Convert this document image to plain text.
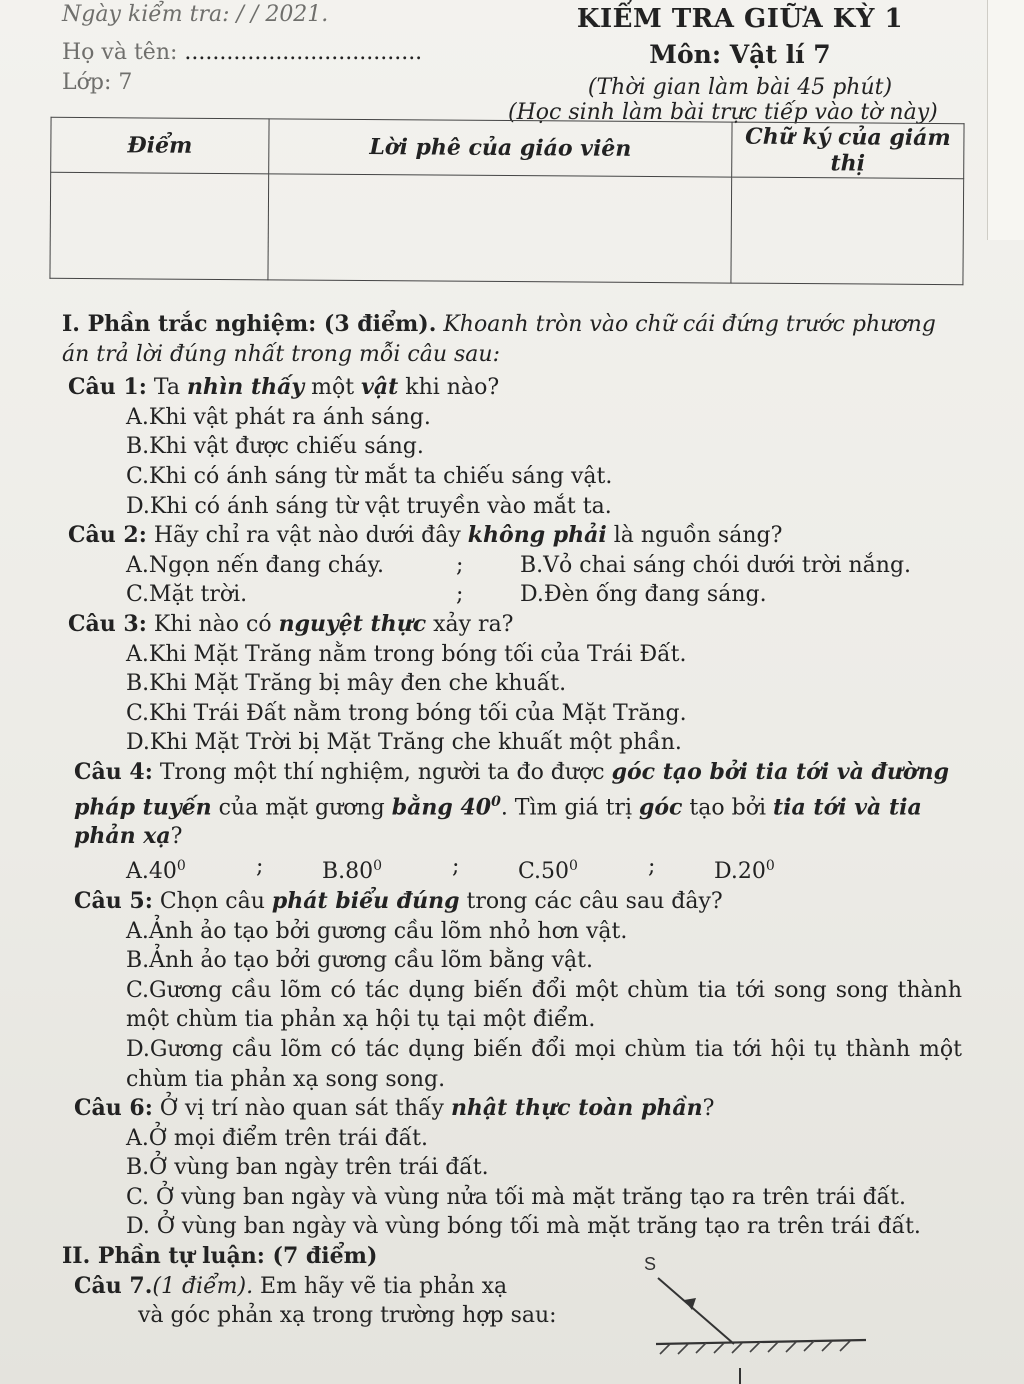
Ngày kiểm tra: / / 2021.
Họ và tên: ..................................
Lớp: 7
KIỂM TRA GIỮA KỲ 1
Môn: Vật lí 7
(Thời gian làm bài 45 phút)
(Học sinh làm bài trực tiếp vào tờ này)
Điểm	Lời phê của giáo viên	Chữ ký của giám thị

I. Phần trắc nghiệm: (3 điểm). Khoanh tròn vào chữ cái đứng trước phương án trả lời đúng nhất trong mỗi câu sau:
Câu 1: Ta nhìn thấy một vật khi nào?
A.Khi vật phát ra ánh sáng.
B.Khi vật được chiếu sáng.
C.Khi có ánh sáng từ mắt ta chiếu sáng vật.
D.Khi có ánh sáng từ vật truyền vào mắt ta.
Câu 2: Hãy chỉ ra vật nào dưới đây không phải là nguồn sáng?
A.Ngọn nến đang cháy.	;	B.Vỏ chai sáng chói dưới trời nắng.
C.Mặt trời.	;	D.Đèn ống đang sáng.
Câu 3: Khi nào có nguyệt thực xảy ra?
A.Khi Mặt Trăng nằm trong bóng tối của Trái Đất.
B.Khi Mặt Trăng bị mây đen che khuất.
C.Khi Trái Đất nằm trong bóng tối của Mặt Trăng.
D.Khi Mặt Trời bị Mặt Trăng che khuất một phần.
Câu 4: Trong một thí nghiệm, người ta đo được góc tạo bởi tia tới và đường pháp tuyến của mặt gương bằng $40^0$. Tìm giá trị góc tạo bởi tia tới và tia phản xạ?
$A.40^0$	;	$B.80^0$	;	$C.50^0$	;	$D.20^0$
Câu 5: Chọn câu phát biểu đúng trong các câu sau đây?
A.Ảnh ảo tạo bởi gương cầu lõm nhỏ hơn vật.
B.Ảnh ảo tạo bởi gương cầu lõm bằng vật.
C.Gương cầu lõm có tác dụng biến đổi một chùm tia tới song song thành một chùm tia phản xạ hội tụ tại một điểm.
D.Gương cầu lõm có tác dụng biến đổi mọi chùm tia tới hội tụ thành một chùm tia phản xạ song song.
Câu 6: Ở vị trí nào quan sát thấy nhật thực toàn phần?
A.Ở mọi điểm trên trái đất.
B.Ở vùng ban ngày trên trái đất.
C. Ở vùng ban ngày và vùng nửa tối mà mặt trăng tạo ra trên trái đất.
D. Ở vùng ban ngày và vùng bóng tối mà mặt trăng tạo ra trên trái đất.
II. Phần tự luận: (7 điểm)
Câu 7.(1 điểm). Em hãy vẽ tia phản xạ
và góc phản xạ trong trường hợp sau:
S
